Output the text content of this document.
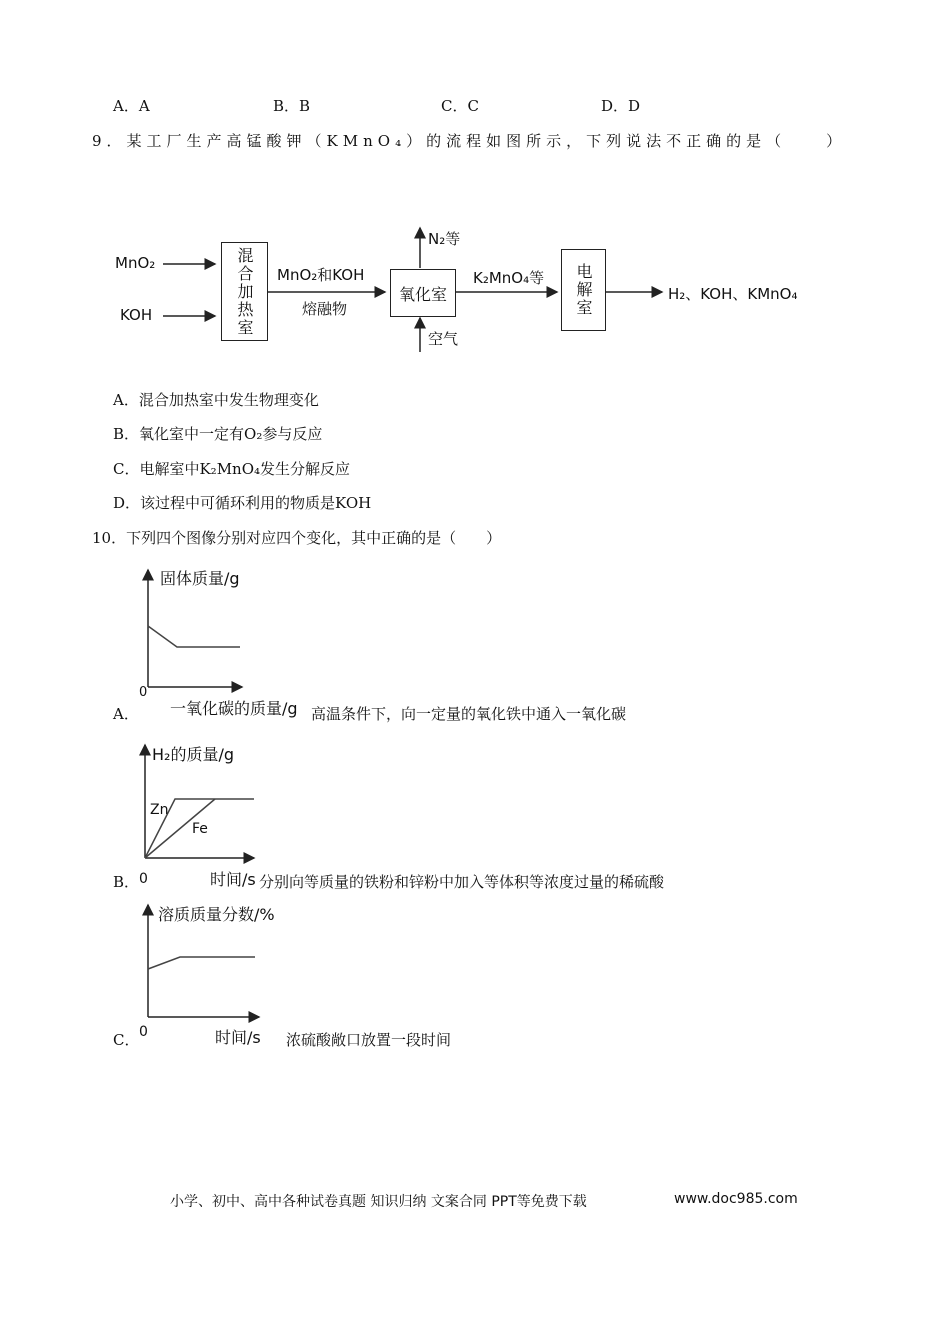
A．A	B．B	C．C	D．D
9．某工厂生产高锰酸钾（KMnO₄）的流程如图所示，下列说法不正确的是（　　）
MnO₂
KOH	混合加热室 MnO₂和KOH
熔融物
氧化室
N₂等
空气
K₂MnO₄等 电解室	H₂、KOH、KMnO₄
A．混合加热室中发生物理变化
B．氧化室中一定有O₂参与反应
C．电解室中K₂MnO₄发生分解反应
D．该过程中可循环利用的物质是KOH
10．下列四个图像分别对应四个变化，其中正确的是（　　）
固体质量/g
0
A． 一氧化碳的质量/g 高温条件下，向一定量的氧化铁中通入一氧化碳
H₂的质量/g
Zn
Fe
B． 0	时间/s 分别向等质量的铁粉和锌粉中加入等体积等浓度过量的稀硫酸
溶质质量分数/%
0
C．	时间/s 浓硫酸敞口放置一段时间
小学、初中、高中各种试卷真题 知识归纳 文案合同 PPT等免费下载	www.doc985.com
